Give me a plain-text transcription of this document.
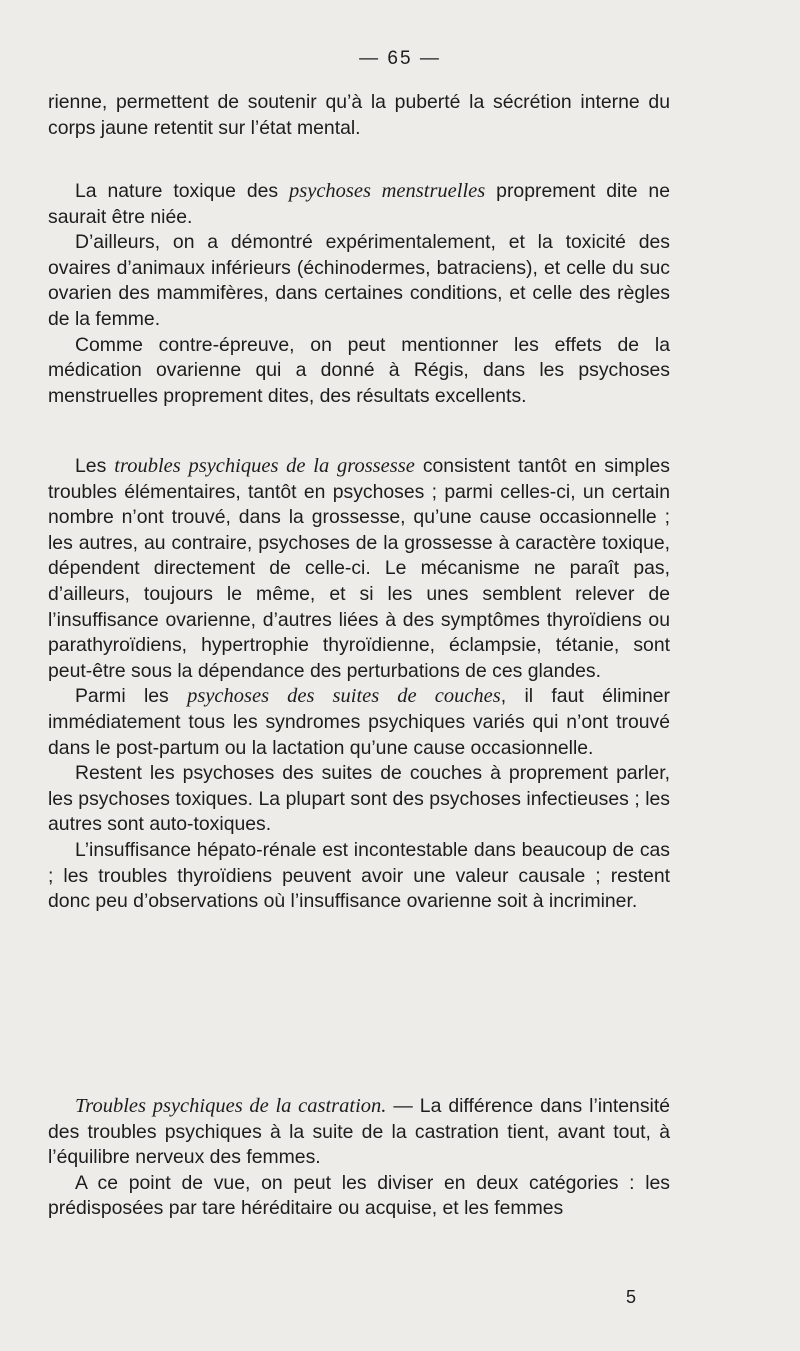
— 65 —

rienne, permettent de soutenir qu’à la puberté la sécrétion interne du corps jaune retentit sur l’état mental.

La nature toxique des psychoses menstruelles proprement dite ne saurait être niée.

D’ailleurs, on a démontré expérimentalement, et la toxicité des ovaires d’animaux inférieurs (échinodermes, batraciens), et celle du suc ovarien des mammifères, dans certaines conditions, et celle des règles de la femme.

Comme contre-épreuve, on peut mentionner les effets de la médication ovarienne qui a donné à Régis, dans les psychoses menstruelles proprement dites, des résultats excellents.

Les troubles psychiques de la grossesse consistent tantôt en simples troubles élémentaires, tantôt en psychoses ; parmi celles-ci, un certain nombre n’ont trouvé, dans la grossesse, qu’une cause occasionnelle ; les autres, au contraire, psychoses de la grossesse à caractère toxique, dépendent directement de celle-ci. Le mécanisme ne paraît pas, d’ailleurs, toujours le même, et si les unes semblent relever de l’insuffisance ovarienne, d’autres liées à des symptômes thyroïdiens ou parathyroïdiens, hypertrophie thyroïdienne, éclampsie, tétanie, sont peut-être sous la dépendance des perturbations de ces glandes.

Parmi les psychoses des suites de couches, il faut éliminer immédiatement tous les syndromes psychiques variés qui n’ont trouvé dans le post-partum ou la lactation qu’une cause occasionnelle.

Restent les psychoses des suites de couches à proprement parler, les psychoses toxiques. La plupart sont des psychoses infectieuses ; les autres sont auto-toxiques.

L’insuffisance hépato-rénale est incontestable dans beaucoup de cas ; les troubles thyroïdiens peuvent avoir une valeur causale ; restent donc peu d’observations où l’insuffisance ovarienne soit à incriminer.

Troubles psychiques de la castration. — La différence dans l’intensité des troubles psychiques à la suite de la castration tient, avant tout, à l’équilibre nerveux des femmes.

A ce point de vue, on peut les diviser en deux catégories : les prédisposées par tare héréditaire ou acquise, et les femmes

5
